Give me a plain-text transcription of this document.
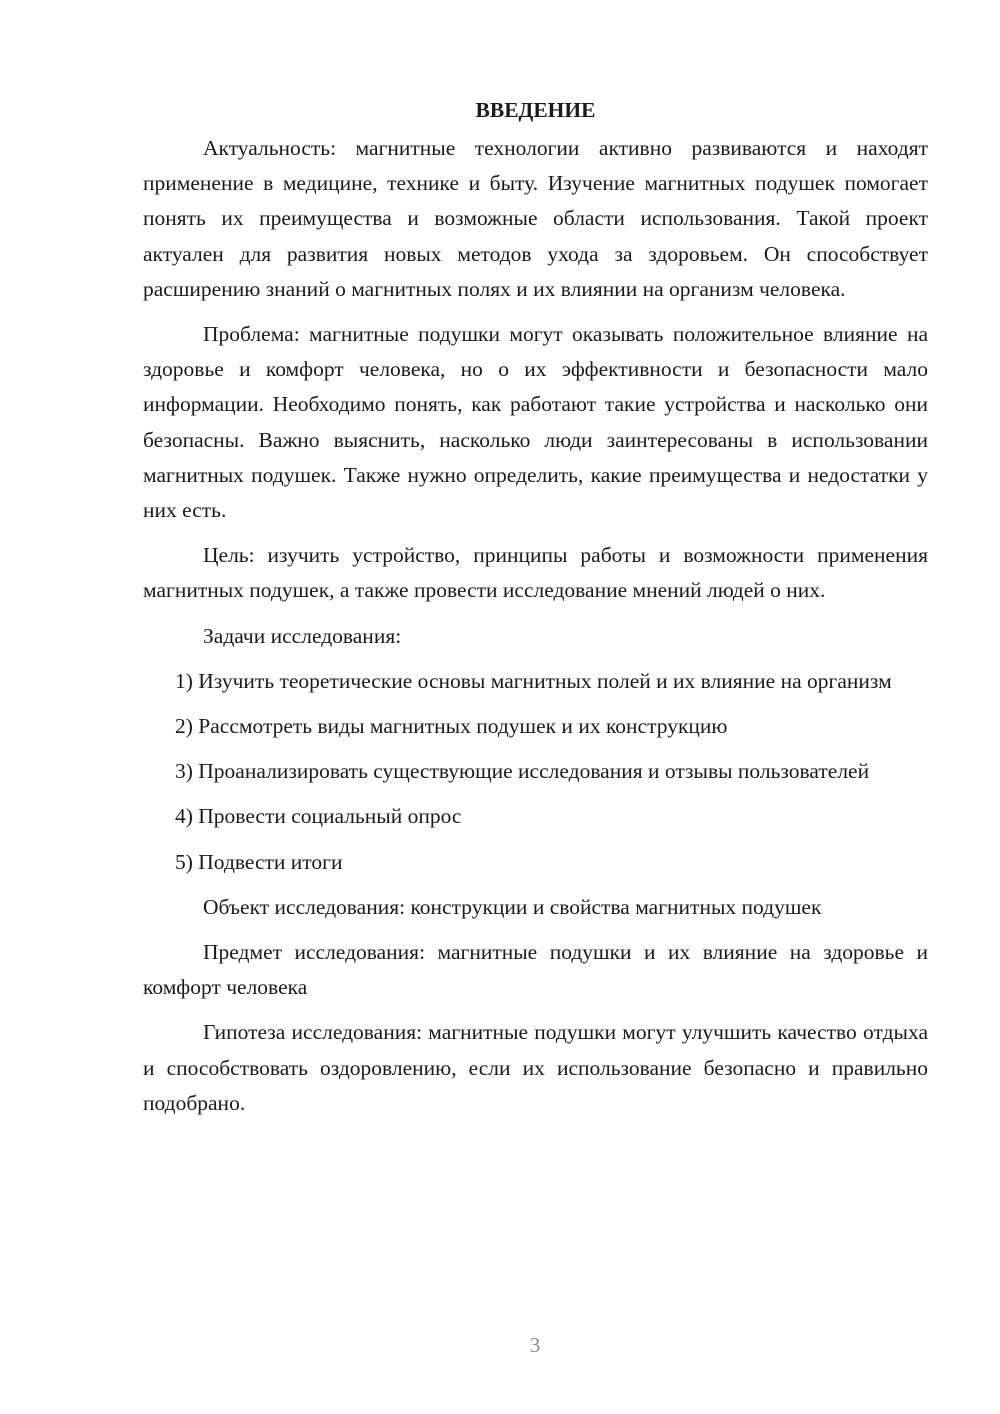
ВВЕДЕНИЕ

Актуальность: магнитные технологии активно развиваются и находят применение в медицине, технике и быту. Изучение магнитных подушек помогает понять их преимущества и возможные области использования. Такой проект актуален для развития новых методов ухода за здоровьем. Он способствует расширению знаний о магнитных полях и их влиянии на организм человека.

Проблема: магнитные подушки могут оказывать положительное влияние на здоровье и комфорт человека, но о их эффективности и безопасности мало информации. Необходимо понять, как работают такие устройства и насколько они безопасны. Важно выяснить, насколько люди заинтересованы в использовании магнитных подушек. Также нужно определить, какие преимущества и недостатки у них есть.

Цель: изучить устройство, принципы работы и возможности применения магнитных подушек, а также провести исследование мнений людей о них.

Задачи исследования:

1) Изучить теоретические основы магнитных полей и их влияние на организм

2) Рассмотреть виды магнитных подушек и их конструкцию

3) Проанализировать существующие исследования и отзывы пользователей

4) Провести социальный опрос

5) Подвести итоги

Объект исследования: конструкции и свойства магнитных подушек

Предмет исследования: магнитные подушки и их влияние на здоровье и комфорт человека

Гипотеза исследования: магнитные подушки могут улучшить качество отдыха и способствовать оздоровлению, если их использование безопасно и правильно подобрано.

3
